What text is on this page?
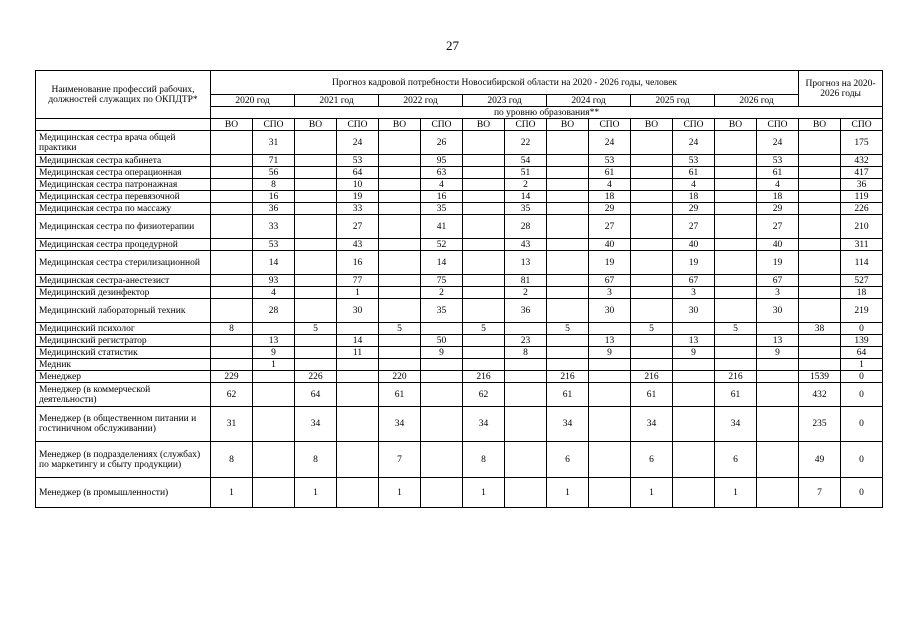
27
Наименование профессий рабочих, должностей служащих по ОКПДТР*	Прогноз кадровой потребности Новосибирской области на 2020 - 2026 годы, человек														Прогноз на 2020-2026 годы	
	2020 год		2021 год		2022 год		2023 год		2024 год		2025 год		2026 год			
	по уровню образования**															
	ВО	СПО	ВО	СПО	ВО	СПО	ВО	СПО	ВО	СПО	ВО	СПО	ВО	СПО	ВО	СПО
Медицинская сестра врача общей практики		31		24		26		22		24		24		24		175
Медицинская сестра кабинета		71		53		95		54		53		53		53		432
Медицинская сестра операционная		56		64		63		51		61		61		61		417
Медицинская сестра патронажная		8		10		4		2		4		4		4		36
Медицинская сестра перевязочной		16		19		16		14		18		18		18		119
Медицинская сестра по массажу		36		33		35		35		29		29		29		226
Медицинская сестра по физиотерапии		33		27		41		28		27		27		27		210
Медицинская сестра процедурной		53		43		52		43		40		40		40		311
Медицинская сестра стерилизационной		14		16		14		13		19		19		19		114
Медицинская сестра-анестезист		93		77		75		81		67		67		67		527
Медицинский дезинфектор		4		1		2		2		3		3		3		18
Медицинский лабораторный техник		28		30		35		36		30		30		30		219
Медицинский психолог	8		5		5		5		5		5		5		38	0
Медицинский регистратор		13		14		50		23		13		13		13		139
Медицинский статистик		9		11		9		8		9		9		9		64
Медник		1														1
Менеджер	229		226		220		216		216		216		216		1539	0
Менеджер (в коммерческой деятельности)	62		64		61		62		61		61		61		432	0
Менеджер (в общественном питании и гостиничном обслуживании)	31		34		34		34		34		34		34		235	0
Менеджер (в подразделениях (службах) по маркетингу и сбыту продукции)	8		8		7		8		6		6		6		49	0
Менеджер (в промышленности)	1		1		1		1		1		1		1		7	0
